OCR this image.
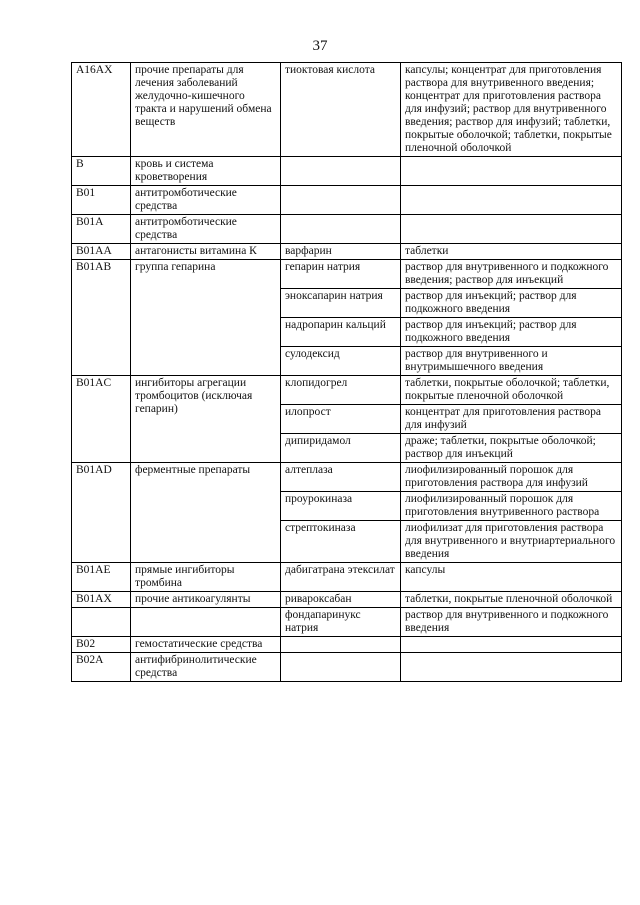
37
A16AX	прочие препараты для лечения заболеваний желудочно-кишечного тракта и нарушений обмена веществ	тиоктовая кислота	капсулы; концентрат для приготовления раствора для внутривенного введения; концентрат для приготовления раствора для инфузий; раствор для внутривенного введения; раствор для инфузий; таблетки, покрытые оболочкой; таблетки, покрытые пленочной оболочкой
B	кровь и система кроветворения		
B01	антитромботические средства		
B01A	антитромботические средства		
B01AA	антагонисты витамина К	варфарин	таблетки
B01AB	группа гепарина	гепарин натрия	раствор для внутривенного и подкожного введения; раствор для инъекций
		эноксапарин натрия	раствор для инъекций; раствор для подкожного введения
		надропарин кальций	раствор для инъекций; раствор для подкожного введения
		сулодексид	раствор для внутривенного и внутримышечного введения
B01AC	ингибиторы агрегации тромбоцитов (исключая гепарин)	клопидогрел	таблетки, покрытые оболочкой; таблетки, покрытые пленочной оболочкой
		илопрост	концентрат для приготовления раствора для инфузий
		дипиридамол	драже; таблетки, покрытые оболочкой; раствор для инъекций
B01AD	ферментные препараты	алтеплаза	лиофилизированный порошок для приготовления раствора для инфузий
		проурокиназа	лиофилизированный порошок для приготовления внутривенного раствора
		стрептокиназа	лиофилизат для приготовления раствора для внутривенного и внутриартериального введения
B01AE	прямые ингибиторы тромбина	дабигатрана этексилат	капсулы
B01AX	прочие антикоагулянты	ривароксабан	таблетки, покрытые пленочной оболочкой
		фондапаринукс натрия	раствор для внутривенного и подкожного введения
B02	гемостатические средства		
B02A	антифибринолитические средства		
